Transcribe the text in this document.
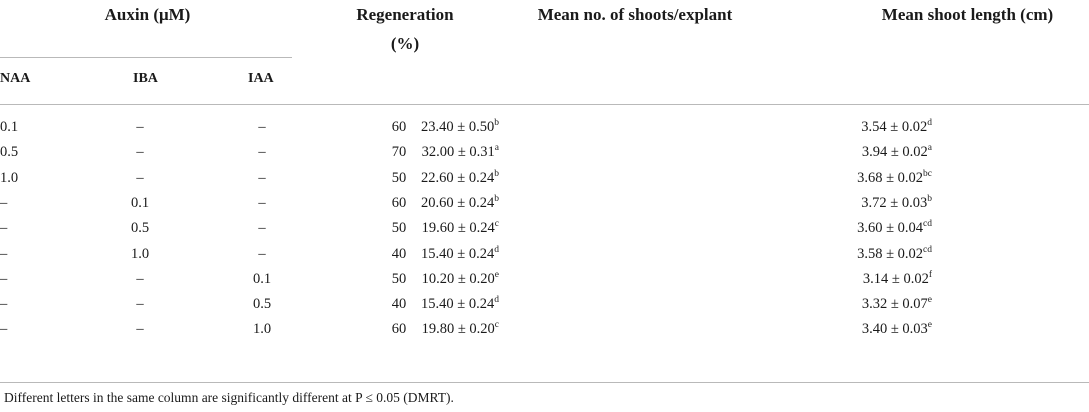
Auxin (μM)	Regeneration
(%)
Mean no. of shoots/explant	Mean shoot length (cm)
NAA	IBA	IAA
0.1	–	–	60	23.40 ± 0.50$^b$	3.54 ± 0.02$^d$
0.5	–	–	70	32.00 ± 0.31$^a$	3.94 ± 0.02$^a$
1.0	–	–	50	22.60 ± 0.24$^b$	3.68 ± 0.02$^{bc}$
–	0.1	–	60	20.60 ± 0.24$^b$	3.72 ± 0.03$^b$
–	0.5	–	50	19.60 ± 0.24$^c$	3.60 ± 0.04$^{cd}$
–	1.0	–	40	15.40 ± 0.24$^d$	3.58 ± 0.02$^{cd}$
–	–	0.1	50	10.20 ± 0.20$^e$	3.14 ± 0.02$^f$
–	–	0.5	40	15.40 ± 0.24$^d$	3.32 ± 0.07$^e$
–	–	1.0	60	19.80 ± 0.20$^c$	3.40 ± 0.03$^e$
Different letters in the same column are significantly different at P ≤ 0.05 (DMRT).
